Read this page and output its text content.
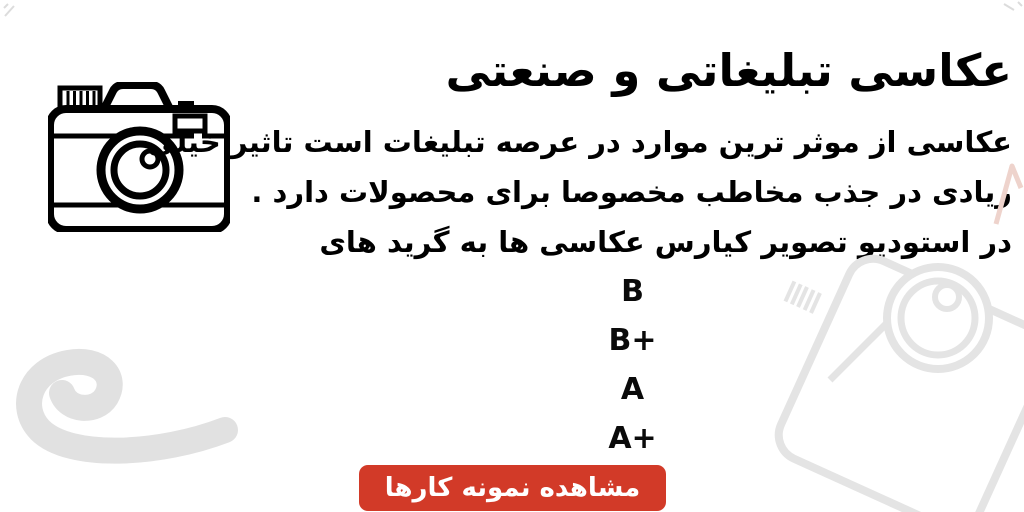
عکاسی تبلیغاتی و صنعتی
عکاسی از موثر ترین موارد در عرصه تبلیغات است تاثیر خیلی
زیادی در جذب مخاطب مخصوصا برای محصولات دارد .
در استودیو تصویر کیارس عکاسی ها به گرید های
B
B+
A
A+
مشاهده نمونه کارها
